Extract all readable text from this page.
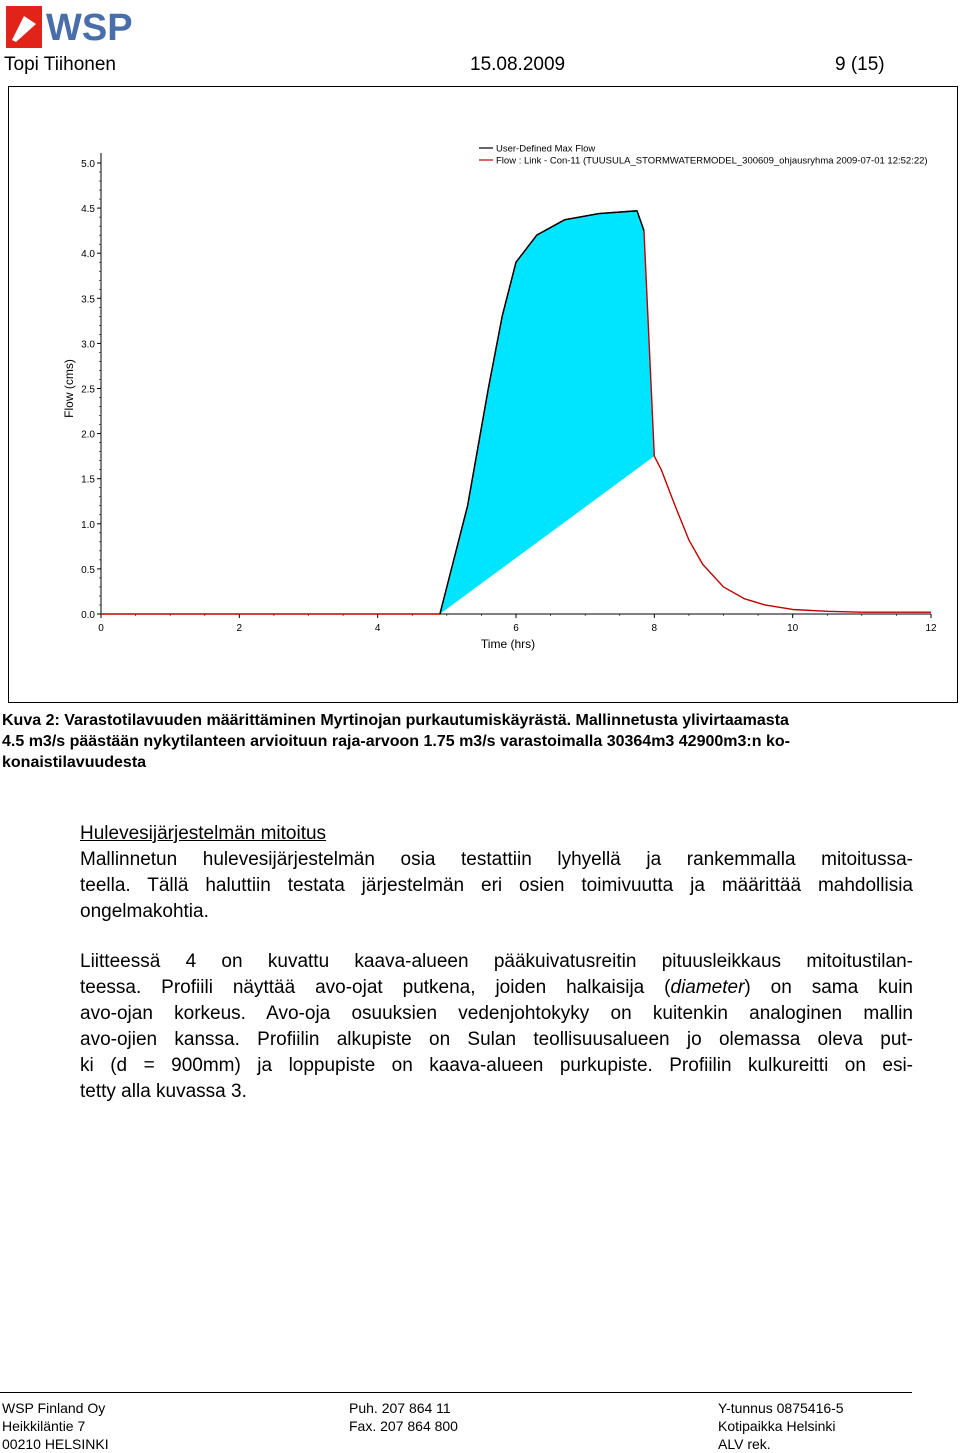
WSP
Topi Tiihonen	15.08.2009	9 (15)
0.0
0.5
1.0
1.5
2.0
2.5
3.0
3.5
4.0
4.5
5.0
0	2	4	6	8	10	12
Time (hrs)
Flow (cms)
User-Defined Max Flow
Flow : Link - Con-11 (TUUSULA_STORMWATERMODEL_300609_ohjausryhma 2009-07-01 12:52:22)
Kuva 2: Varastotilavuuden määrittäminen Myrtinojan purkautumiskäyrästä. Mallinnetusta ylivirtaamasta
4.5 m3/s päästään nykytilanteen arvioituun raja-arvoon 1.75 m3/s varastoimalla 30364m3 42900m3:n ko-
konaistilavuudesta
Hulevesijärjestelmän mitoitus
Mallinnetun hulevesijärjestelmän osia testattiin lyhyellä ja rankemmalla mitoitussa-
teella. Tällä haluttiin testata järjestelmän eri osien toimivuutta ja määrittää mahdollisia
ongelmakohtia.
Liitteessä 4 on kuvattu kaava-alueen pääkuivatusreitin pituusleikkaus mitoitustilan-
teessa. Profiili näyttää avo-ojat putkena, joiden halkaisija (diameter) on sama kuin
avo-ojan korkeus. Avo-oja osuuksien vedenjohtokyky on kuitenkin analoginen mallin
avo-ojien kanssa. Profiilin alkupiste on Sulan teollisuusalueen jo olemassa oleva put-
ki (d = 900mm) ja loppupiste on kaava-alueen purkupiste. Profiilin kulkureitti on esi-
tetty alla kuvassa 3.
WSP Finland Oy
Heikkiläntie 7
00210 HELSINKI
Puh. 207 864 11
Fax. 207 864 800
Y-tunnus 0875416-5
Kotipaikka Helsinki
ALV rek.
